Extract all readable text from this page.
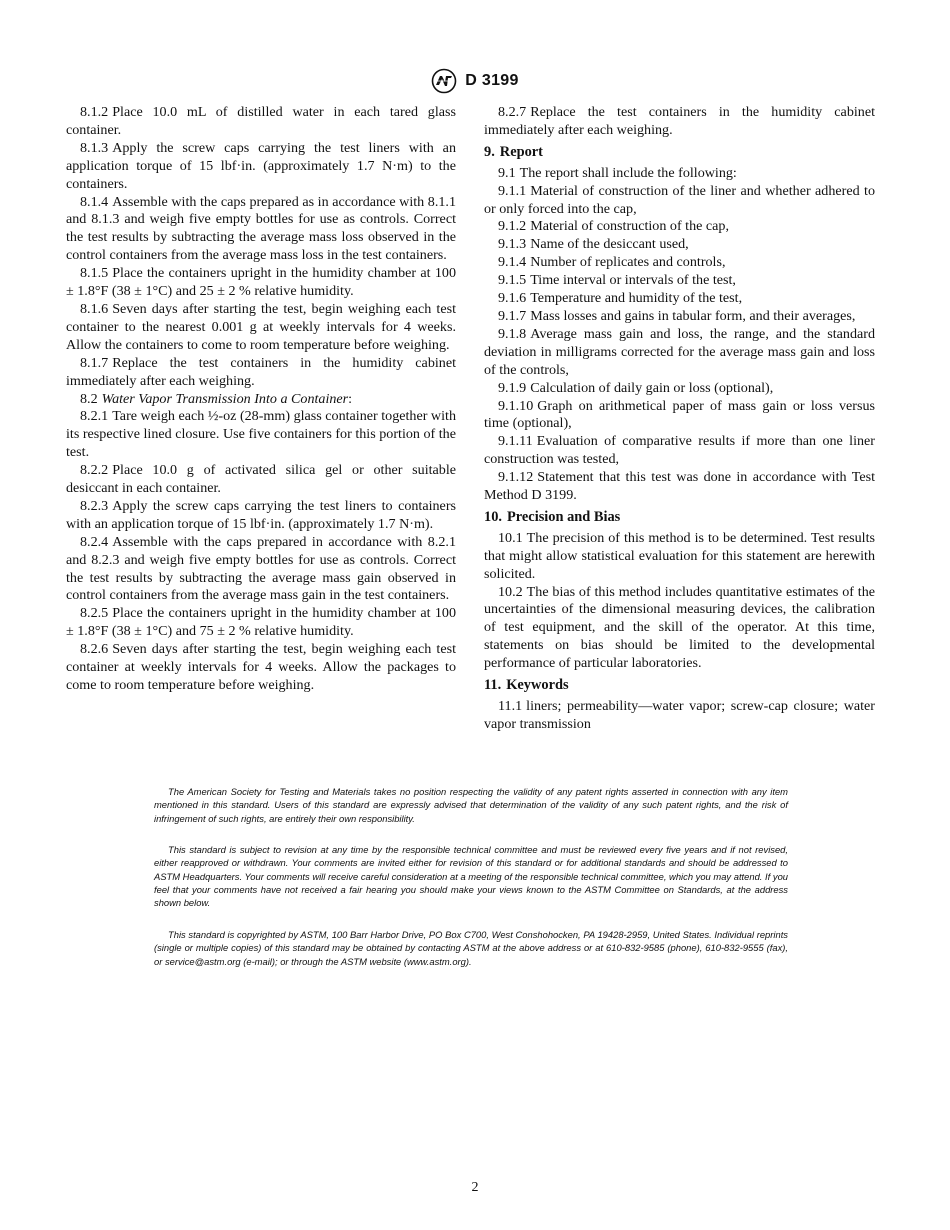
D 3199

8.1.2 Place 10.0 mL of distilled water in each tared glass container.

8.1.3 Apply the screw caps carrying the test liners with an application torque of 15 lbf·in. (approximately 1.7 N·m) to the containers.

8.1.4 Assemble with the caps prepared as in accordance with 8.1.1 and 8.1.3 and weigh five empty bottles for use as controls. Correct the test results by subtracting the average mass loss observed in the control containers from the average mass loss in the test containers.

8.1.5 Place the containers upright in the humidity chamber at 100 ± 1.8°F (38 ± 1°C) and 25 ± 2 % relative humidity.

8.1.6 Seven days after starting the test, begin weighing each test container to the nearest 0.001 g at weekly intervals for 4 weeks. Allow the containers to come to room temperature before weighing.

8.1.7 Replace the test containers in the humidity cabinet immediately after each weighing.

8.2 Water Vapor Transmission Into a Container:

8.2.1 Tare weigh each ½-oz (28-mm) glass container together with its respective lined closure. Use five containers for this portion of the test.

8.2.2 Place 10.0 g of activated silica gel or other suitable desiccant in each container.

8.2.3 Apply the screw caps carrying the test liners to containers with an application torque of 15 lbf·in. (approximately 1.7 N·m).

8.2.4 Assemble with the caps prepared in accordance with 8.2.1 and 8.2.3 and weigh five empty bottles for use as controls. Correct the test results by subtracting the average mass gain observed in control containers from the average mass gain in the test containers.

8.2.5 Place the containers upright in the humidity chamber at 100 ± 1.8°F (38 ± 1°C) and 75 ± 2 % relative humidity.

8.2.6 Seven days after starting the test, begin weighing each test container at weekly intervals for 4 weeks. Allow the packages to come to room temperature before weighing.

8.2.7 Replace the test containers in the humidity cabinet immediately after each weighing.

9. Report

9.1 The report shall include the following:

9.1.1 Material of construction of the liner and whether adhered to or only forced into the cap,

9.1.2 Material of construction of the cap,

9.1.3 Name of the desiccant used,

9.1.4 Number of replicates and controls,

9.1.5 Time interval or intervals of the test,

9.1.6 Temperature and humidity of the test,

9.1.7 Mass losses and gains in tabular form, and their averages,

9.1.8 Average mass gain and loss, the range, and the standard deviation in milligrams corrected for the average mass gain and loss of the controls,

9.1.9 Calculation of daily gain or loss (optional),

9.1.10 Graph on arithmetical paper of mass gain or loss versus time (optional),

9.1.11 Evaluation of comparative results if more than one liner construction was tested,

9.1.12 Statement that this test was done in accordance with Test Method D 3199.

10. Precision and Bias

10.1 The precision of this method is to be determined. Test results that might allow statistical evaluation for this statement are herewith solicited.

10.2 The bias of this method includes quantitative estimates of the uncertainties of the dimensional measuring devices, the calibration of test equipment, and the skill of the operator. At this time, statements on bias should be limited to the developmental performance of particular laboratories.

11. Keywords

11.1 liners; permeability—water vapor; screw-cap closure; water vapor transmission

The American Society for Testing and Materials takes no position respecting the validity of any patent rights asserted in connection with any item mentioned in this standard. Users of this standard are expressly advised that determination of the validity of any such patent rights, and the risk of infringement of such rights, are entirely their own responsibility.

This standard is subject to revision at any time by the responsible technical committee and must be reviewed every five years and if not revised, either reapproved or withdrawn. Your comments are invited either for revision of this standard or for additional standards and should be addressed to ASTM Headquarters. Your comments will receive careful consideration at a meeting of the responsible technical committee, which you may attend. If you feel that your comments have not received a fair hearing you should make your views known to the ASTM Committee on Standards, at the address shown below.

This standard is copyrighted by ASTM, 100 Barr Harbor Drive, PO Box C700, West Conshohocken, PA 19428-2959, United States. Individual reprints (single or multiple copies) of this standard may be obtained by contacting ASTM at the above address or at 610-832-9585 (phone), 610-832-9555 (fax), or service@astm.org (e-mail); or through the ASTM website (www.astm.org).

2
